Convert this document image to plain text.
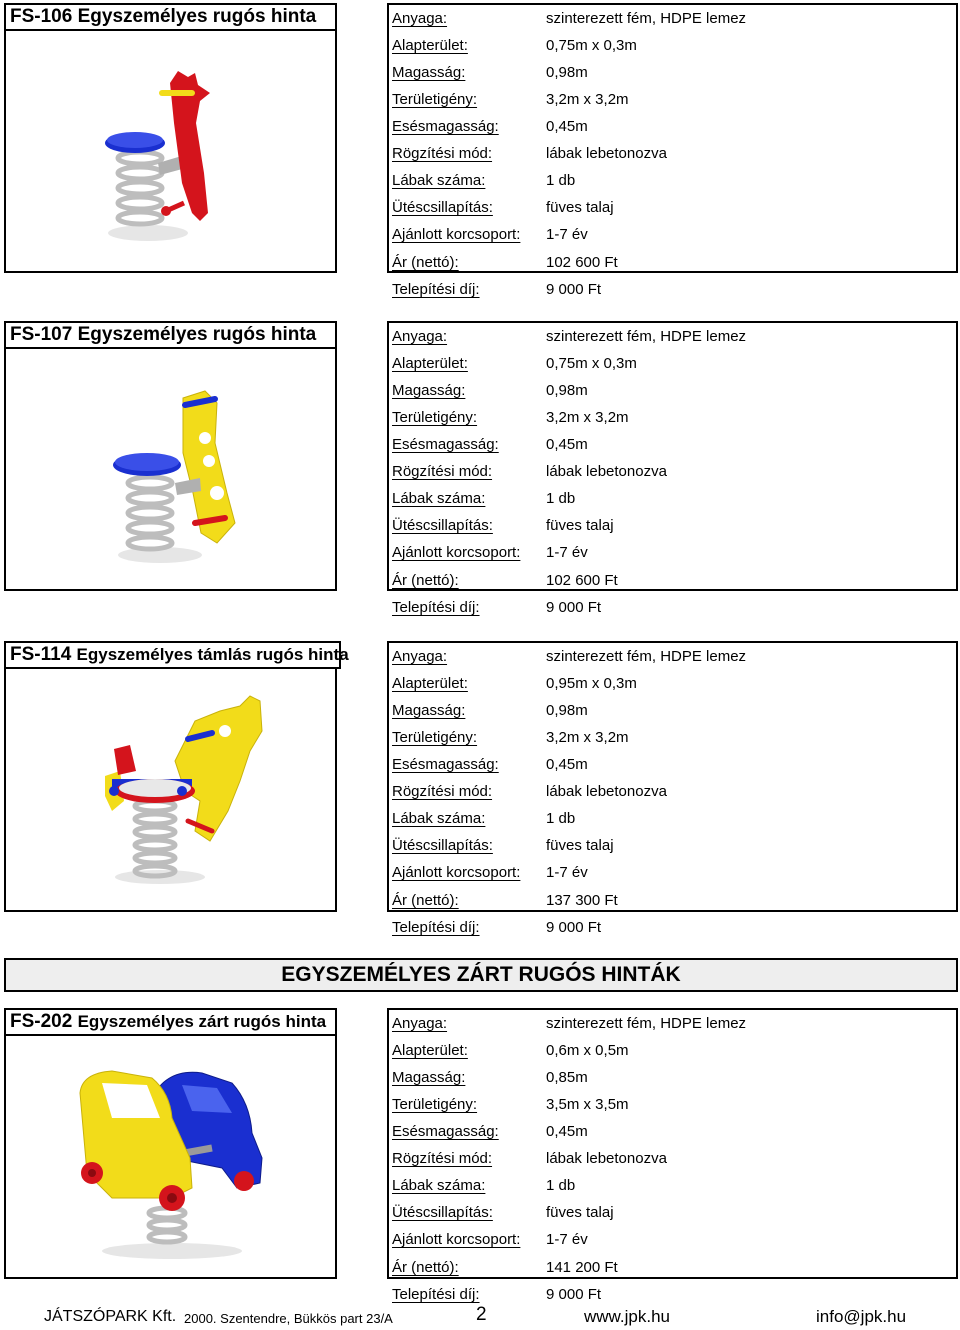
FS-106 Egyszemélyes rugós hinta	Anyaga:	szinterezett fém, HDPE lemez
Alapterület:	0,75m x 0,3m
Magasság:	0,98m
Területigény:	3,2m x 3,2m
Esésmagasság:	0,45m
Rögzítési mód:	lábak lebetonozva
Lábak száma:	1 db
Ütéscsillapítás:	füves talaj
Ajánlott korcsoport: 1-7 év
Ár (nettó):	102 600 Ft
Telepítési díj:	9 000 Ft
FS-107 Egyszemélyes rugós hinta	Anyaga:	szinterezett fém, HDPE lemez
Alapterület:	0,75m x 0,3m
Magasság:	0,98m
Területigény:	3,2m x 3,2m
Esésmagasság:	0,45m
Rögzítési mód:	lábak lebetonozva
Lábak száma:	1 db
Ütéscsillapítás:	füves talaj
Ajánlott korcsoport: 1-7 év
Ár (nettó):	102 600 Ft
Telepítési díj:	9 000 Ft
FS-114 Egyszemélyes támlás rugós hinta	Anyaga:	szinterezett fém, HDPE lemez
Alapterület:	0,95m x 0,3m
Magasság:	0,98m
Területigény:	3,2m x 3,2m
Esésmagasság:	0,45m
Rögzítési mód:	lábak lebetonozva
Lábak száma:	1 db
Ütéscsillapítás:	füves talaj
Ajánlott korcsoport: 1-7 év
Ár (nettó):	137 300 Ft
Telepítési díj:	9 000 Ft
EGYSZEMÉLYES ZÁRT RUGÓS HINTÁK
FS-202 Egyszemélyes zárt rugós hinta	Anyaga:	szinterezett fém, HDPE lemez
Alapterület:	0,6m x 0,5m
Magasság:	0,85m
Területigény:	3,5m x 3,5m
Esésmagasság:	0,45m
Rögzítési mód:	lábak lebetonozva
Lábak száma:	1 db
Ütéscsillapítás:	füves talaj
Ajánlott korcsoport: 1-7 év
Ár (nettó):	141 200 Ft
Telepítési díj:	9 000 Ft
JÁTSZÓPARK Kft. 2000. Szentendre, Bükkös part 23/A	2	www.jpk.hu	info@jpk.hu
